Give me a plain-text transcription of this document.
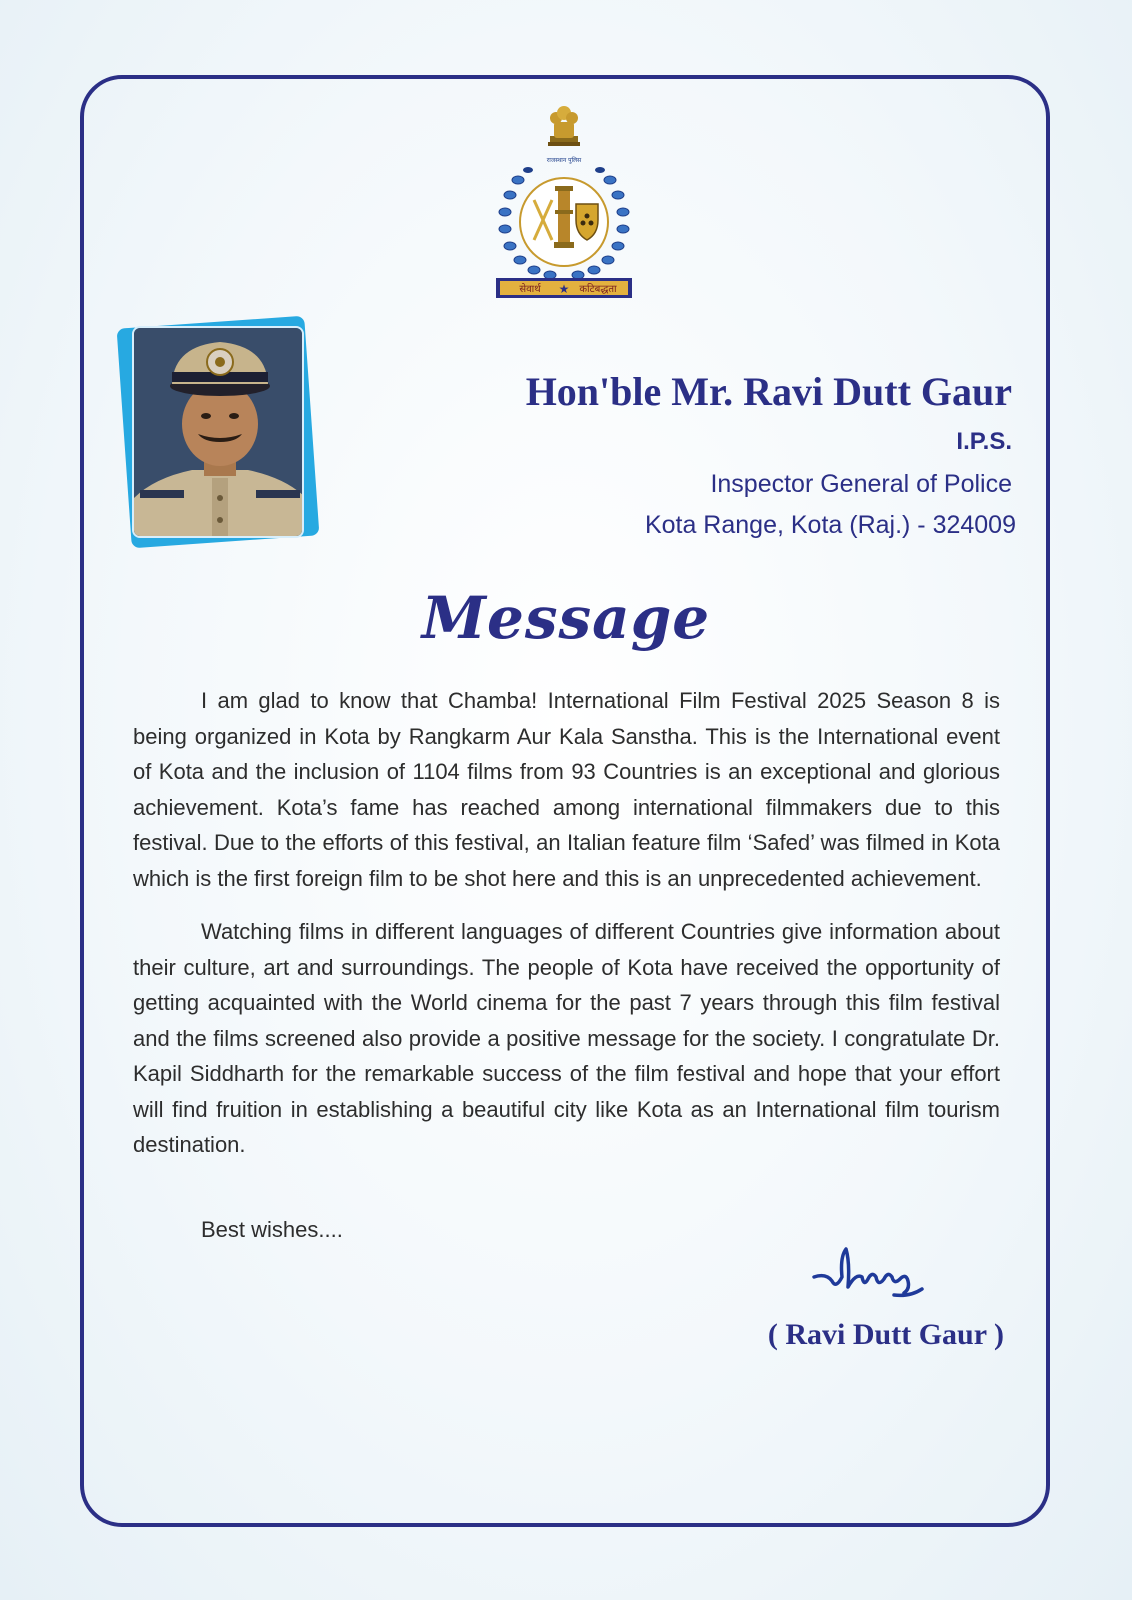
सेवार्थ ★ कटिबद्धता
राजस्थान पुलिस
Hon'ble Mr. Ravi Dutt Gaur
I.P.S.
Inspector General of Police
Kota Range, Kota (Raj.) - 324009
Message

I am glad to know that Chamba! International Film Festival 2025 Season 8 is being organized in Kota by Rangkarm Aur Kala Sanstha. This is the International event of Kota and the inclusion of 1104 films from 93 Countries is an exceptional and glorious achievement. Kota’s fame has reached among international filmmakers due to this festival. Due to the efforts of this festival, an Italian feature film ‘Safed’ was filmed in Kota which is the first foreign film to be shot here and this is an unprecedented achievement.

Watching films in different languages of different Countries give information about their culture, art and surroundings. The people of Kota have received the opportunity of getting acquainted with the World cinema for the past 7 years through this film festival and the films screened also provide a positive message for the society. I congratulate Dr. Kapil Siddharth for the remarkable success of the film festival and hope that your effort will find fruition in establishing a beautiful city like Kota as an International film tourism destination.

Best wishes....
( Ravi Dutt Gaur )
